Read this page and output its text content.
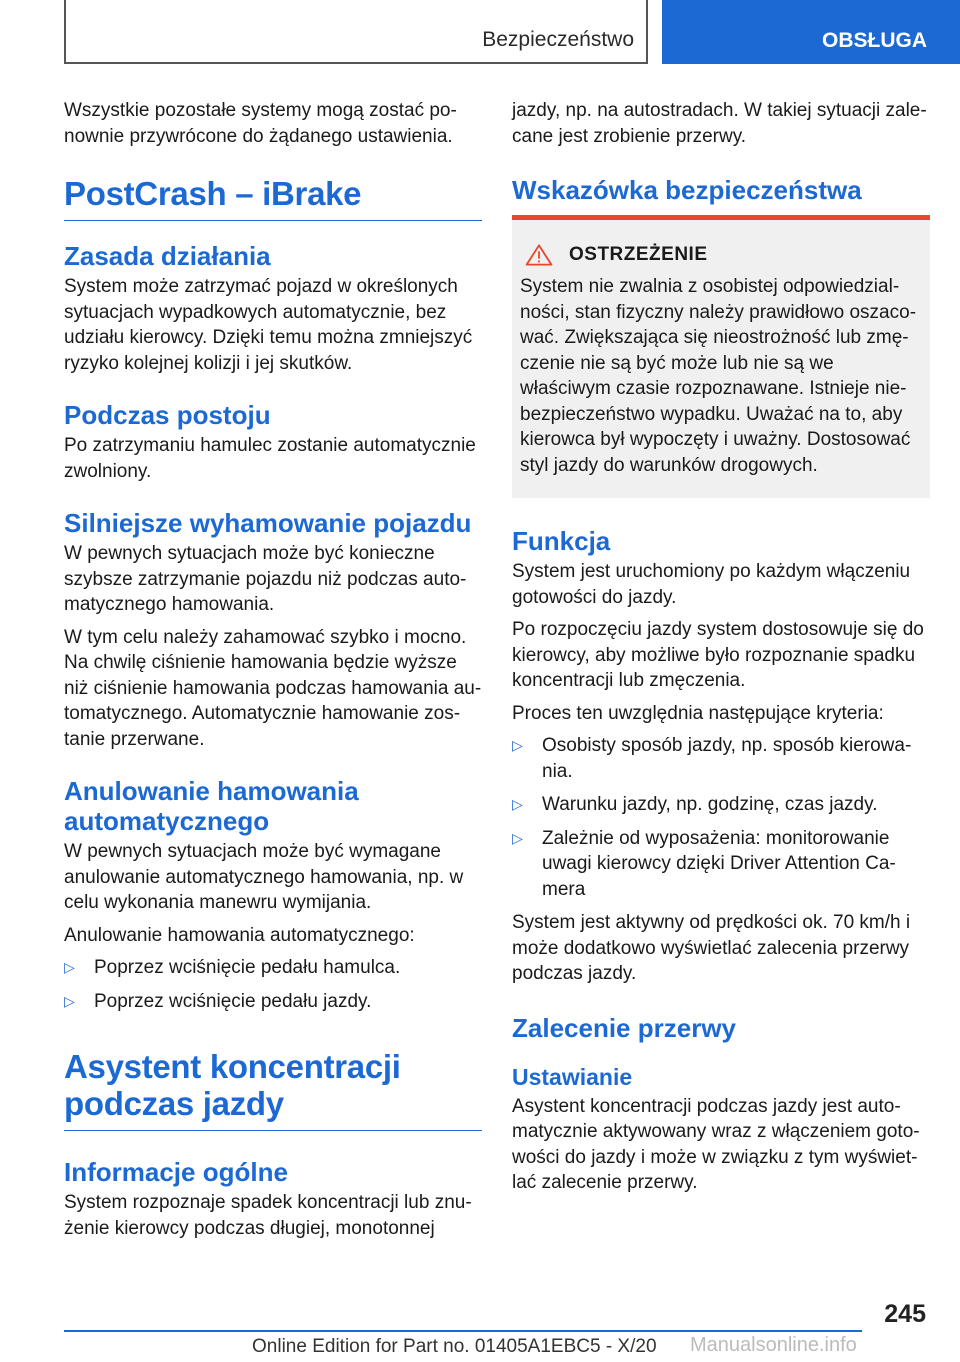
Bezpieczeństwo	OBSŁUGA

Wszystkie pozostałe systemy mogą zostać ponownie przywrócone do żądanego ustawienia.

PostCrash – iBrake
Zasada działania

System może zatrzymać pojazd w określonych sytuacjach wypadkowych automatycznie, bez udziału kierowcy. Dzięki temu można zmniejszyć ryzyko kolejnej kolizji i jej skutków.

Podczas postoju

Po zatrzymaniu hamulec zostanie automatycznie zwolniony.

Silniejsze wyhamowanie pojazdu

W pewnych sytuacjach może być konieczne szybsze zatrzymanie pojazdu niż podczas automatycznego hamowania.

W tym celu należy zahamować szybko i mocno. Na chwilę ciśnienie hamowania będzie wyższe niż ciśnienie hamowania podczas hamowania automatycznego. Automatycznie hamowanie zostanie przerwane.

Anulowanie hamowania automatycznego

W pewnych sytuacjach może być wymagane anulowanie automatycznego hamowania, np. w celu wykonania manewru wymijania.

Anulowanie hamowania automatycznego:

▷ Poprzez wciśnięcie pedału hamulca.
▷ Poprzez wciśnięcie pedału jazdy.
Asystent koncentracji podczas jazdy
Informacje ogólne

System rozpoznaje spadek koncentracji lub znużenie kierowcy podczas długiej, monotonnej

jazdy, np. na autostradach. W takiej sytuacji zalecane jest zrobienie przerwy.

Wskazówka bezpieczeństwa
OSTRZEŻENIE

System nie zwalnia z osobistej odpowiedzialności, stan fizyczny należy prawidłowo oszacować. Zwiększająca się nieostrożność lub zmęczenie nie są być może lub nie są we właściwym czasie rozpoznawane. Istnieje niebezpieczeństwo wypadku. Uważać na to, aby kierowca był wypoczęty i uważny. Dostosować styl jazdy do warunków drogowych.

Funkcja

System jest uruchomiony po każdym włączeniu gotowości do jazdy.

Po rozpoczęciu jazdy system dostosowuje się do kierowcy, aby możliwe było rozpoznanie spadku koncentracji lub zmęczenia.

Proces ten uwzględnia następujące kryteria:

▷ Osobisty sposób jazdy, np. sposób kierowania.
▷ Warunku jazdy, np. godzinę, czas jazdy.
▷ Zależnie od wyposażenia: monitorowanie uwagi kierowcy dzięki Driver Attention Camera

System jest aktywny od prędkości ok. 70 km/h i może dodatkowo wyświetlać zalecenia przerwy podczas jazdy.

Zalecenie przerwy
Ustawianie

Asystent koncentracji podczas jazdy jest automatycznie aktywowany wraz z włączeniem gotowości do jazdy i może w związku z tym wyświetlać zalecenie przerwy.

245
Online Edition for Part no. 01405A1EBC5 - X/20 Manualsonline.info
